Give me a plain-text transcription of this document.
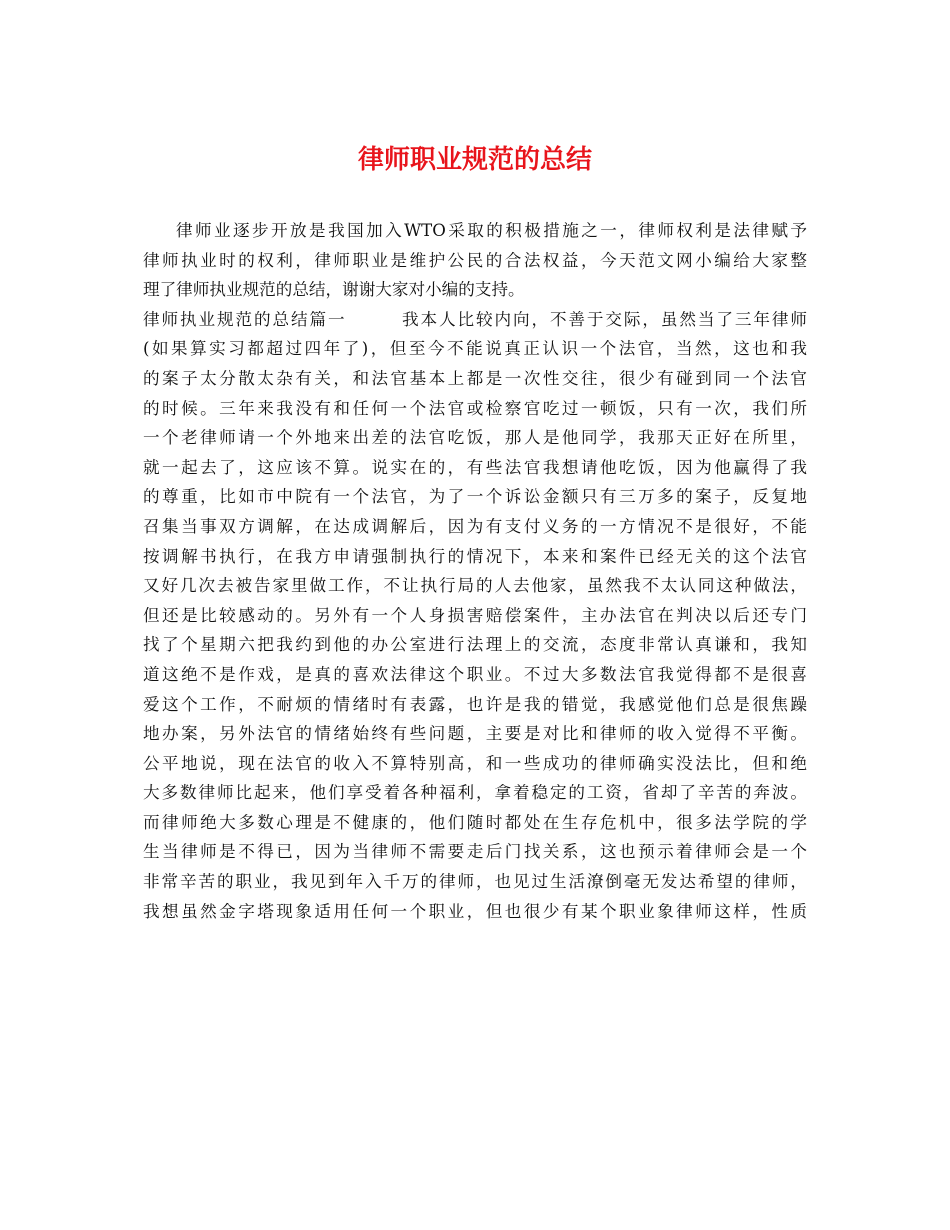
律师职业规范的总结
律师业逐步开放是我国加入WTO采取的积极措施之一，律师权利是法律赋予
律师执业时的权利，律师职业是维护公民的合法权益，今天范文网小编给大家整
理了律师执业规范的总结，谢谢大家对小编的支持。
律师执业规范的总结篇一　　　我本人比较内向，不善于交际，虽然当了三年律师
(如果算实习都超过四年了)，但至今不能说真正认识一个法官，当然，这也和我
的案子太分散太杂有关，和法官基本上都是一次性交往，很少有碰到同一个法官
的时候。三年来我没有和任何一个法官或检察官吃过一顿饭，只有一次，我们所
一个老律师请一个外地来出差的法官吃饭，那人是他同学，我那天正好在所里，
就一起去了，这应该不算。说实在的，有些法官我想请他吃饭，因为他赢得了我
的尊重，比如市中院有一个法官，为了一个诉讼金额只有三万多的案子，反复地
召集当事双方调解，在达成调解后，因为有支付义务的一方情况不是很好，不能
按调解书执行，在我方申请强制执行的情况下，本来和案件已经无关的这个法官
又好几次去被告家里做工作，不让执行局的人去他家，虽然我不太认同这种做法，
但还是比较感动的。另外有一个人身损害赔偿案件，主办法官在判决以后还专门
找了个星期六把我约到他的办公室进行法理上的交流，态度非常认真谦和，我知
道这绝不是作戏，是真的喜欢法律这个职业。不过大多数法官我觉得都不是很喜
爱这个工作，不耐烦的情绪时有表露，也许是我的错觉，我感觉他们总是很焦躁
地办案，另外法官的情绪始终有些问题，主要是对比和律师的收入觉得不平衡。
公平地说，现在法官的收入不算特别高，和一些成功的律师确实没法比，但和绝
大多数律师比起来，他们享受着各种福利，拿着稳定的工资，省却了辛苦的奔波。
而律师绝大多数心理是不健康的，他们随时都处在生存危机中，很多法学院的学
生当律师是不得已，因为当律师不需要走后门找关系，这也预示着律师会是一个
非常辛苦的职业，我见到年入千万的律师，也见过生活潦倒毫无发达希望的律师，
我想虽然金字塔现象适用任何一个职业，但也很少有某个职业象律师这样，性质
